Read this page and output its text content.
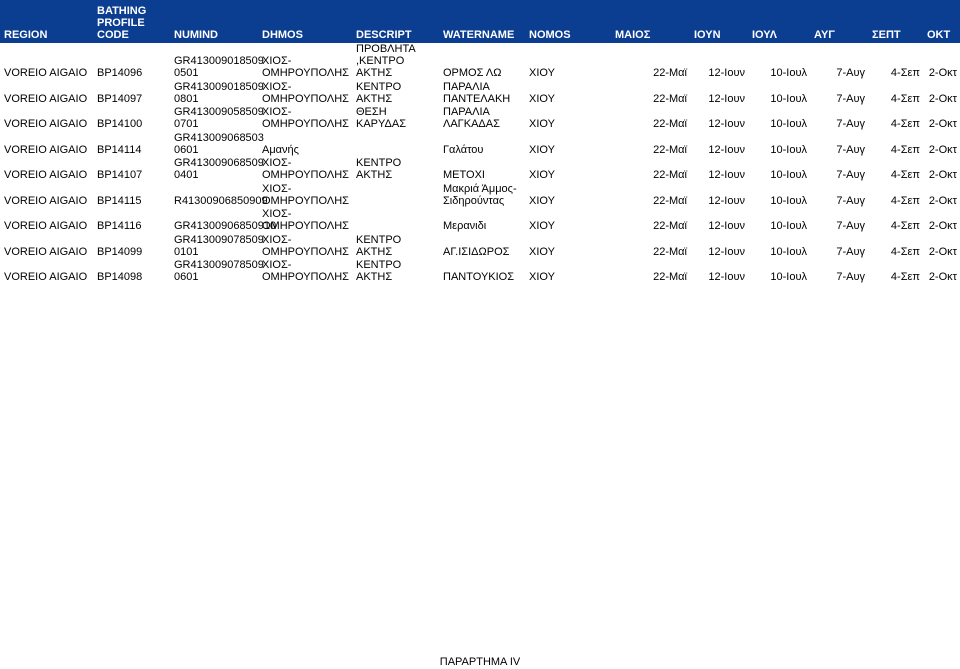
REGION	BATHING PROFILE CODE	NUMIND	DHMOS	DESCRIPT	WATERNAME	NOMOS	ΜΑΙΟΣ	ΙΟΥΝ	ΙΟΥΛ	ΑΥΓ	ΣΕΠΤ	ΟΚΤ
VOREIO AIGAIO	BP14096	GR413009018509 0501	ΧΙΟΣ- ΟΜΗΡΟΥΠΟΛΗΣ	ΠΡΟΒΛΗΤΑ ,ΚΕΝΤΡΟ ΑΚΤΗΣ	ΟΡΜΟΣ ΛΩ	ΧΙΟΥ	22-Μαϊ	12-Ιουν	10-Ιουλ	7-Αυγ	4-Σεπ	2-Οκτ
VOREIO AIGAIO	BP14097	GR413009018509 0801	ΧΙΟΣ- ΟΜΗΡΟΥΠΟΛΗΣ	ΚΕΝΤΡΟ ΑΚΤΗΣ	ΠΑΡΑΛΙΑ ΠΑΝΤΕΛΑΚΗ	ΧΙΟΥ	22-Μαϊ	12-Ιουν	10-Ιουλ	7-Αυγ	4-Σεπ	2-Οκτ
VOREIO AIGAIO	BP14100	GR413009058509 0701	ΧΙΟΣ- ΟΜΗΡΟΥΠΟΛΗΣ	ΘΕΣΗ ΚΑΡΥΔΑΣ	ΠΑΡΑΛΙΑ ΛΑΓΚΑΔΑΣ	ΧΙΟΥ	22-Μαϊ	12-Ιουν	10-Ιουλ	7-Αυγ	4-Σεπ	2-Οκτ
VOREIO AIGAIO	BP14114	GR413009068503 0601	Αμανής		Γαλάτου	ΧΙΟΥ	22-Μαϊ	12-Ιουν	10-Ιουλ	7-Αυγ	4-Σεπ	2-Οκτ
VOREIO AIGAIO	BP14107	GR413009068509 0401	ΧΙΟΣ- ΟΜΗΡΟΥΠΟΛΗΣ	ΚΕΝΤΡΟ ΑΚΤΗΣ	ΜΕΤΟΧΙ	ΧΙΟΥ	22-Μαϊ	12-Ιουν	10-Ιουλ	7-Αυγ	4-Σεπ	2-Οκτ
VOREIO AIGAIO	BP14115	R41300906850909	ΧΙΟΣ- ΟΜΗΡΟΥΠΟΛΗΣ		Μακριά Άμμος- Σιδηρούντας	ΧΙΟΥ	22-Μαϊ	12-Ιουν	10-Ιουλ	7-Αυγ	4-Σεπ	2-Οκτ
VOREIO AIGAIO	BP14116	GR41300906850910	ΧΙΟΣ- ΟΜΗΡΟΥΠΟΛΗΣ		Μερανιδι	ΧΙΟΥ	22-Μαϊ	12-Ιουν	10-Ιουλ	7-Αυγ	4-Σεπ	2-Οκτ
VOREIO AIGAIO	BP14099	GR413009078509 0101	ΧΙΟΣ- ΟΜΗΡΟΥΠΟΛΗΣ	ΚΕΝΤΡΟ ΑΚΤΗΣ	ΑΓ.ΙΣΙΔΩΡΟΣ	ΧΙΟΥ	22-Μαϊ	12-Ιουν	10-Ιουλ	7-Αυγ	4-Σεπ	2-Οκτ
VOREIO AIGAIO	BP14098	GR413009078509 0601	ΧΙΟΣ- ΟΜΗΡΟΥΠΟΛΗΣ	ΚΕΝΤΡΟ ΑΚΤΗΣ	ΠΑΝΤΟΥΚΙΟΣ	ΧΙΟΥ	22-Μαϊ	12-Ιουν	10-Ιουλ	7-Αυγ	4-Σεπ	2-Οκτ
ΠΑΡΑΡΤΗΜΑ IV
